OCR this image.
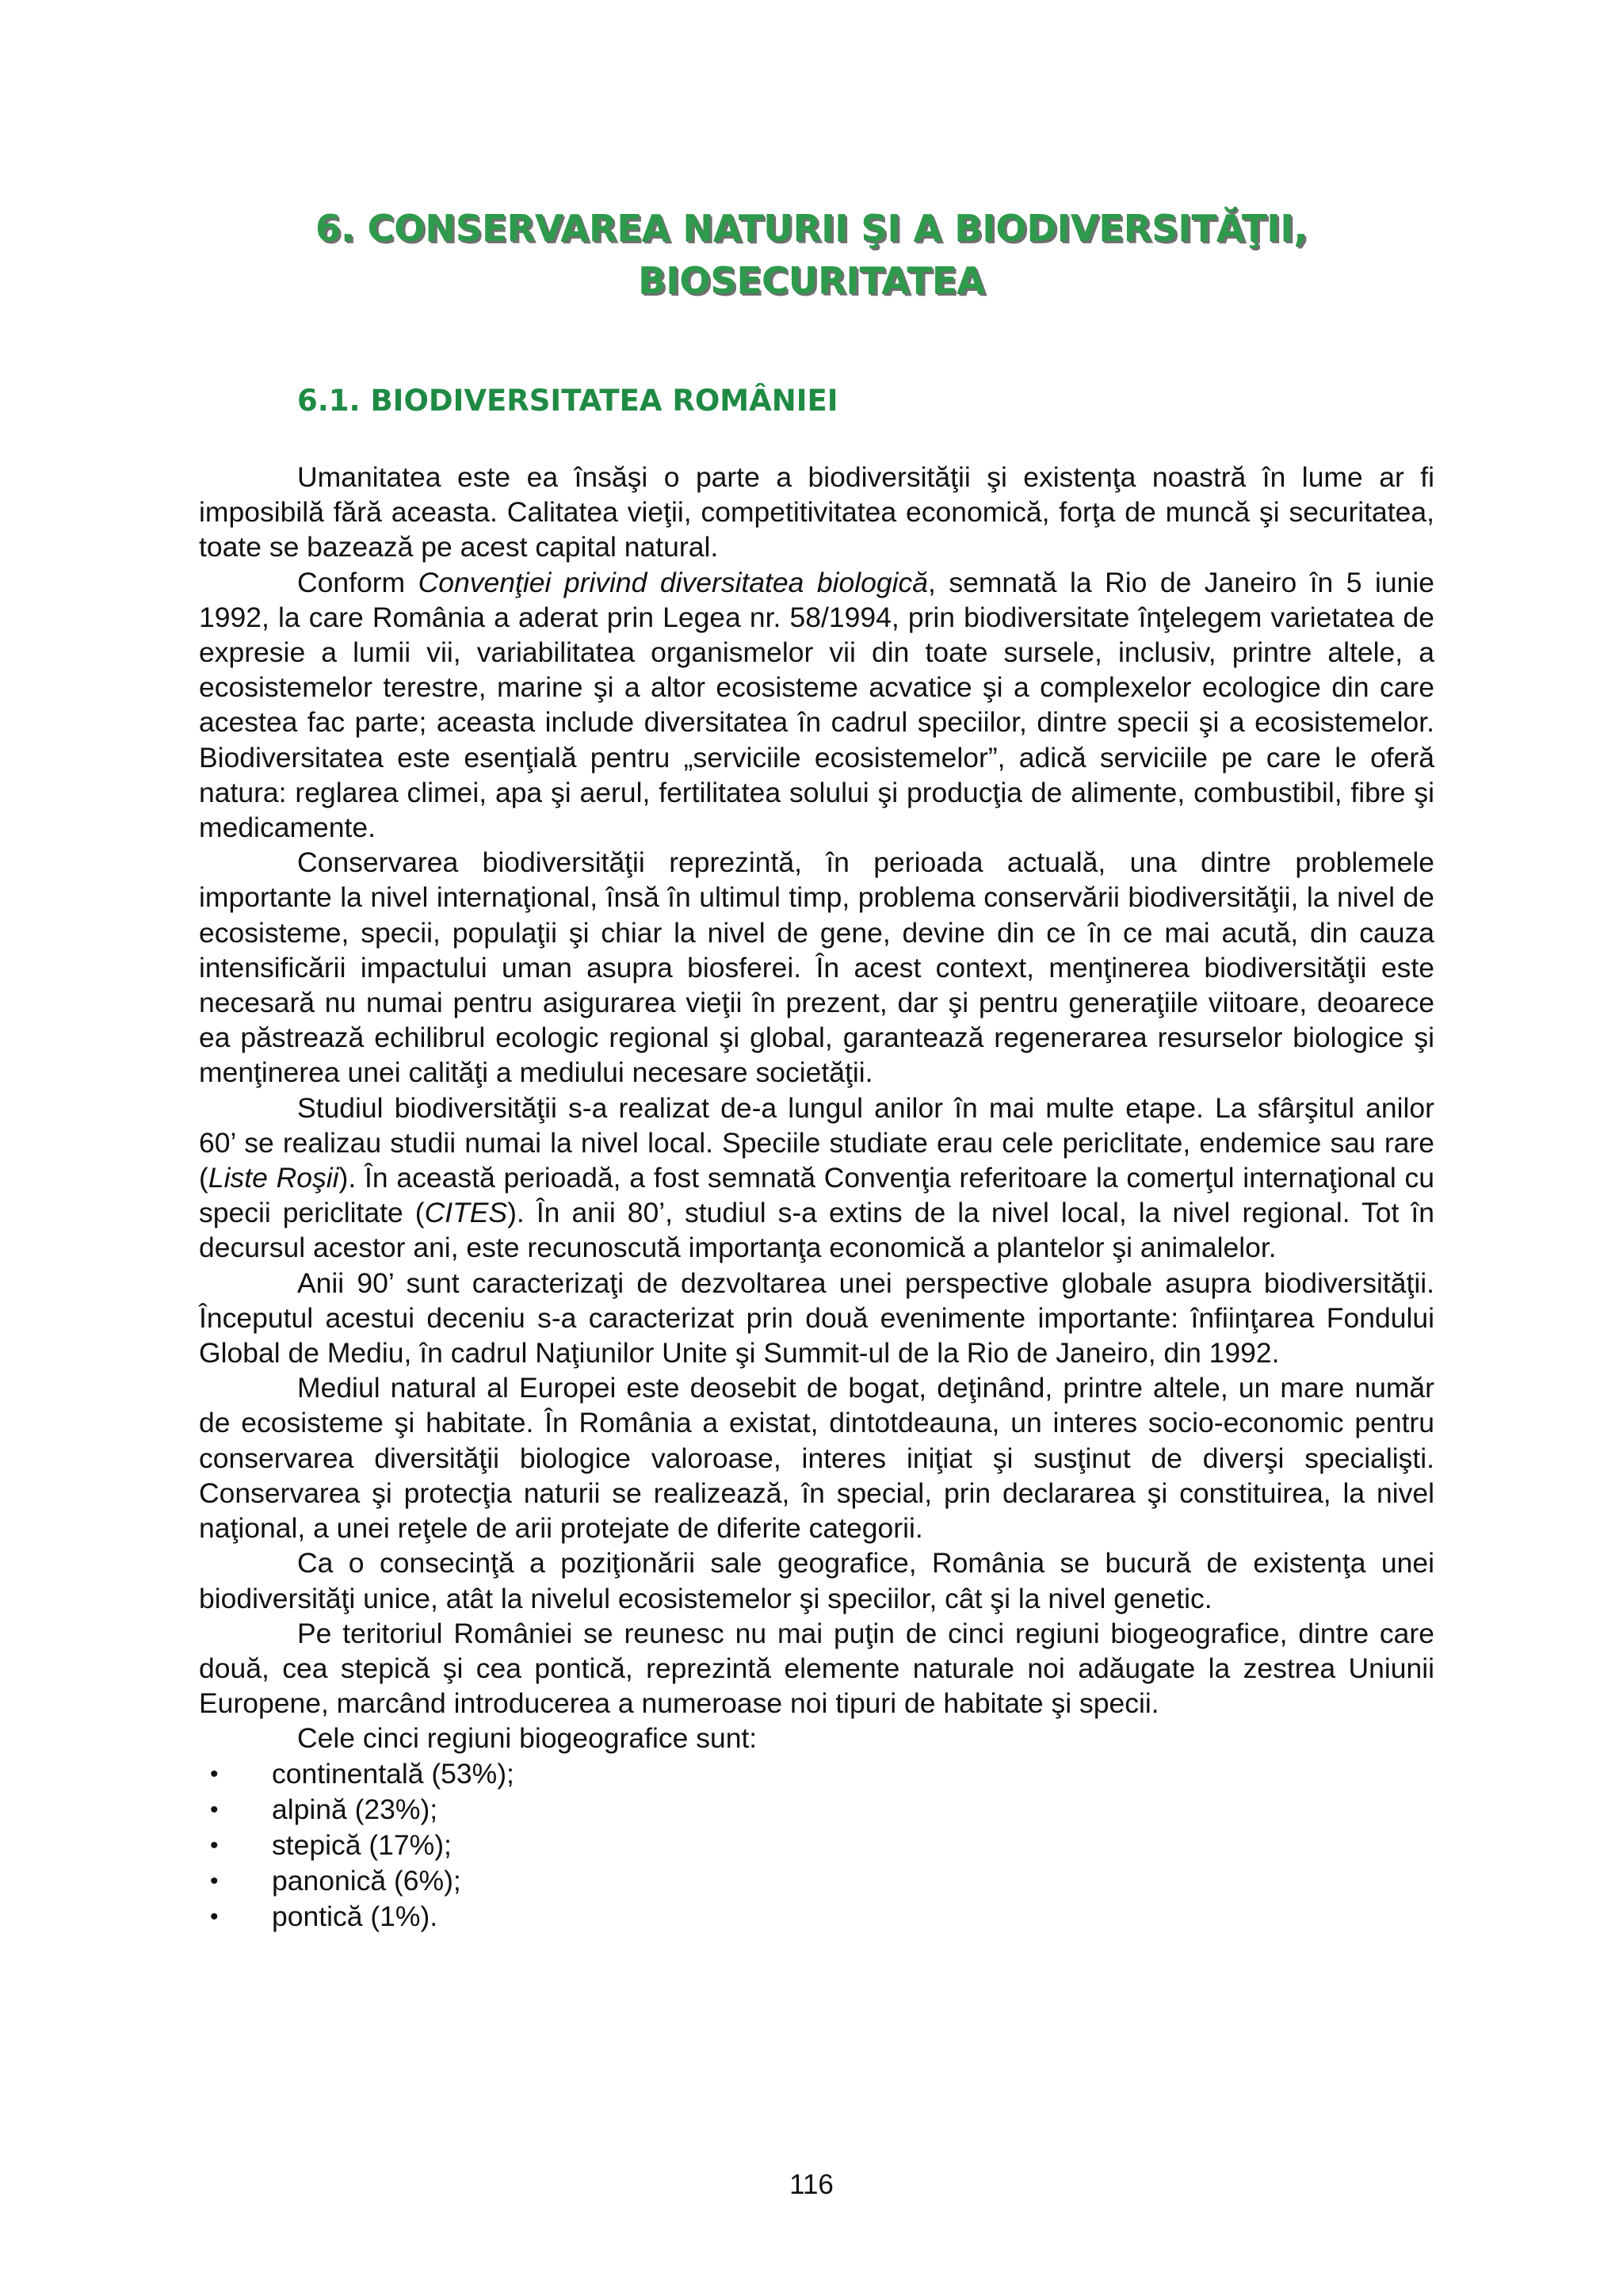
6. CONSERVAREA NATURII ŞI A BIODIVERSITĂŢII,
BIOSECURITATEA
6.1. BIODIVERSITATEA ROMÂNIEI

Umanitatea este ea însăşi o parte a biodiversităţii şi existenţa noastră în lume ar fi imposibilă fără aceasta. Calitatea vieţii, competitivitatea economică, forţa de muncă şi securitatea, toate se bazează pe acest capital natural.

Conform Convenţiei privind diversitatea biologică, semnată la Rio de Janeiro în 5 iunie 1992, la care România a aderat prin Legea nr. 58/1994, prin biodiversitate înţelegem varietatea de expresie a lumii vii, variabilitatea organismelor vii din toate sursele, inclusiv, printre altele, a ecosistemelor terestre, marine şi a altor ecosisteme acvatice şi a complexelor ecologice din care acestea fac parte; aceasta include diversitatea în cadrul speciilor, dintre specii şi a ecosistemelor. Biodiversitatea este esenţială pentru „serviciile ecosistemelor”, adică serviciile pe care le oferă natura: reglarea climei, apa şi aerul, fertilitatea solului şi producţia de alimente, combustibil, fibre şi medicamente.

Conservarea biodiversităţii reprezintă, în perioada actuală, una dintre problemele importante la nivel internaţional, însă în ultimul timp, problema conservării biodiversităţii, la nivel de ecosisteme, specii, populaţii şi chiar la nivel de gene, devine din ce în ce mai acută, din cauza intensificării impactului uman asupra biosferei. În acest context, menţinerea biodiversităţii este necesară nu numai pentru asigurarea vieţii în prezent, dar şi pentru generaţiile viitoare, deoarece ea păstrează echilibrul ecologic regional şi global, garantează regenerarea resurselor biologice şi menţinerea unei calităţi a mediului necesare societăţii.

Studiul biodiversităţii s-a realizat de-a lungul anilor în mai multe etape. La sfârşitul anilor 60’ se realizau studii numai la nivel local. Speciile studiate erau cele periclitate, endemice sau rare (Liste Roşii). În această perioadă, a fost semnată Convenţia referitoare la comerţul internaţional cu specii periclitate (CITES). În anii 80’, studiul s-a extins de la nivel local, la nivel regional. Tot în decursul acestor ani, este recunoscută importanţa economică a plantelor şi animalelor.

Anii 90’ sunt caracterizaţi de dezvoltarea unei perspective globale asupra biodiversităţii. Începutul acestui deceniu s-a caracterizat prin două evenimente importante: înfiinţarea Fondului Global de Mediu, în cadrul Naţiunilor Unite şi Summit-ul de la Rio de Janeiro, din 1992.

Mediul natural al Europei este deosebit de bogat, deţinând, printre altele, un mare număr de ecosisteme şi habitate. În România a existat, dintotdeauna, un interes socio-economic pentru conservarea diversităţii biologice valoroase, interes iniţiat şi susţinut de diverşi specialişti. Conservarea şi protecţia naturii se realizează, în special, prin declararea şi constituirea, la nivel naţional, a unei reţele de arii protejate de diferite categorii.

Ca o consecinţă a poziţionării sale geografice, România se bucură de existenţa unei biodiversităţi unice, atât la nivelul ecosistemelor şi speciilor, cât şi la nivel genetic.

Pe teritoriul României se reunesc nu mai puţin de cinci regiuni biogeografice, dintre care două, cea stepică şi cea pontică, reprezintă elemente naturale noi adăugate la zestrea Uniunii Europene, marcând introducerea a numeroase noi tipuri de habitate şi specii.

Cele cinci regiuni biogeografice sunt:

• continentală (53%);
• alpină (23%);
• stepică (17%);
• panonică (6%);
• pontică (1%).
116
